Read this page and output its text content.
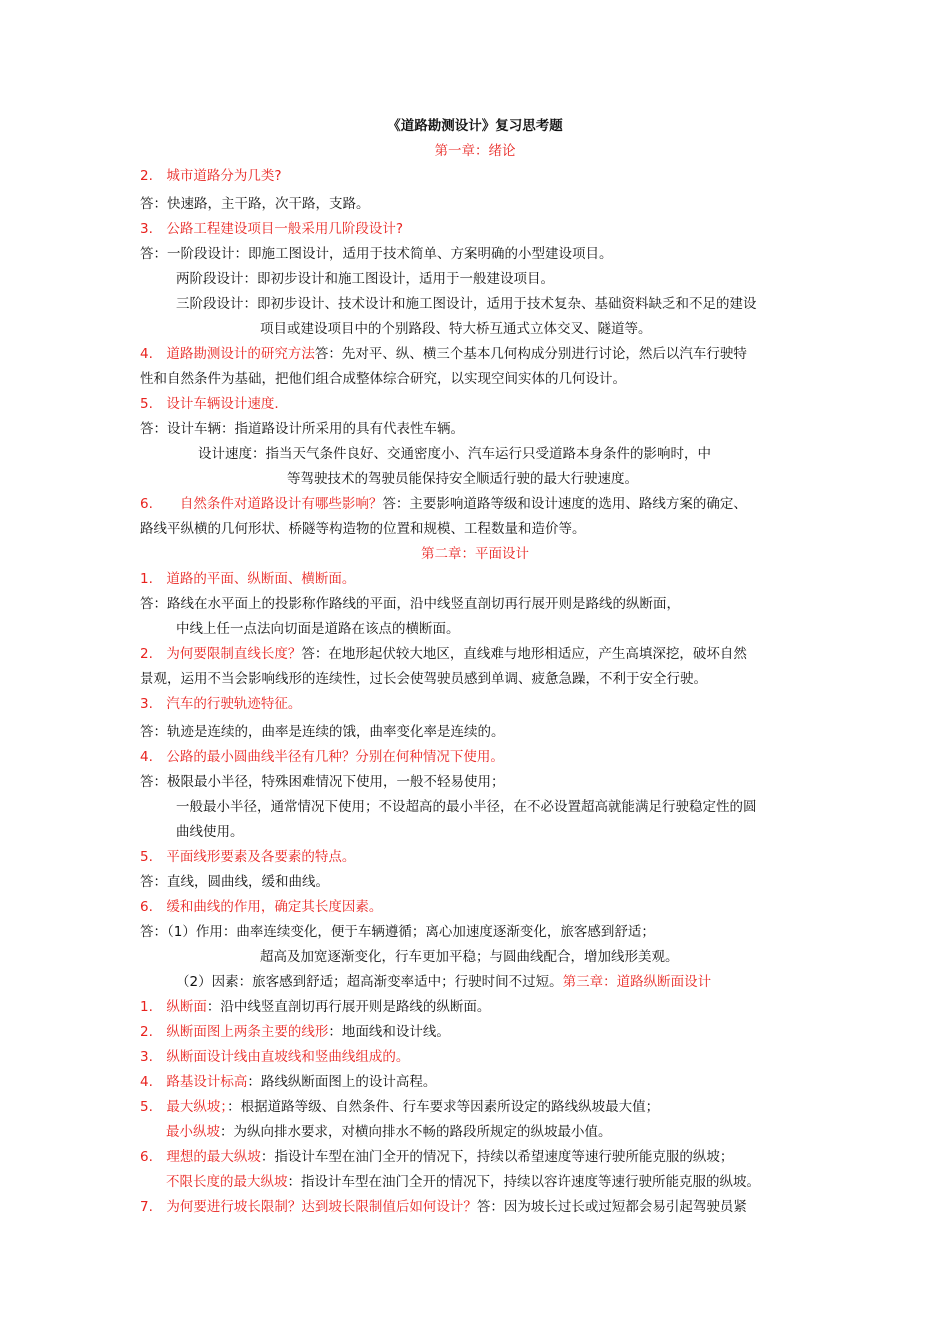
《道路勘测设计》复习思考题
第一章：绪论
2.　城市道路分为几类?
答：快速路，主干路，次干路，支路。
3.　公路工程建设项目一般采用几阶段设计?
答：一阶段设计：即施工图设计，适用于技术简单、方案明确的小型建设项目。
两阶段设计：即初步设计和施工图设计，适用于一般建设项目。
三阶段设计：即初步设计、技术设计和施工图设计，适用于技术复杂、基础资料缺乏和不足的建设
项目或建设项目中的个别路段、特大桥互通式立体交叉、隧道等。
4.　道路勘测设计的研究方法答：先对平、纵、横三个基本几何构成分别进行讨论，然后以汽车行驶特
性和自然条件为基础，把他们组合成整体综合研究，以实现空间实体的几何设计。
5.　设计车辆设计速度.
答：设计车辆：指道路设计所采用的具有代表性车辆。
设计速度：指当天气条件良好、交通密度小、汽车运行只受道路本身条件的影响时，中
等驾驶技术的驾驶员能保持安全顺适行驶的最大行驶速度。
6.　　自然条件对道路设计有哪些影响？答：主要影响道路等级和设计速度的选用、路线方案的确定、
路线平纵横的几何形状、桥隧等构造物的位置和规模、工程数量和造价等。
第二章：平面设计
1.　道路的平面、纵断面、横断面。
答：路线在水平面上的投影称作路线的平面，沿中线竖直剖切再行展开则是路线的纵断面，
中线上任一点法向切面是道路在该点的横断面。
2.　为何要限制直线长度？答：在地形起伏较大地区，直线难与地形相适应，产生高填深挖，破坏自然
景观，运用不当会影响线形的连续性，过长会使驾驶员感到单调、疲惫急躁，不利于安全行驶。
3.　汽车的行驶轨迹特征。
答：轨迹是连续的，曲率是连续的饿，曲率变化率是连续的。
4.　公路的最小圆曲线半径有几种？分别在何种情况下使用。
答：极限最小半径，特殊困难情况下使用，一般不轻易使用；
一般最小半径，通常情况下使用；不设超高的最小半径，在不必设置超高就能满足行驶稳定性的圆
曲线使用。
5.　平面线形要素及各要素的特点。
答：直线，圆曲线，缓和曲线。
6.　缓和曲线的作用，确定其长度因素。
答：（1）作用：曲率连续变化，便于车辆遵循；离心加速度逐渐变化，旅客感到舒适；
超高及加宽逐渐变化，行车更加平稳；与圆曲线配合，增加线形美观。
（2）因素：旅客感到舒适；超高渐变率适中；行驶时间不过短。第三章：道路纵断面设计
1.　纵断面：沿中线竖直剖切再行展开则是路线的纵断面。
2.　纵断面图上两条主要的线形：地面线和设计线。
3.　纵断面设计线由直坡线和竖曲线组成的。
4.　路基设计标高：路线纵断面图上的设计高程。
5.　最大纵坡；：根据道路等级、自然条件、行车要求等因素所设定的路线纵坡最大值；
最小纵坡：为纵向排水要求，对横向排水不畅的路段所规定的纵坡最小值。
6.　理想的最大纵坡：指设计车型在油门全开的情况下，持续以希望速度等速行驶所能克服的纵坡；
不限长度的最大纵坡：指设计车型在油门全开的情况下，持续以容许速度等速行驶所能克服的纵坡。
7.　为何要进行坡长限制？达到坡长限制值后如何设计？答：因为坡长过长或过短都会易引起驾驶员紧
